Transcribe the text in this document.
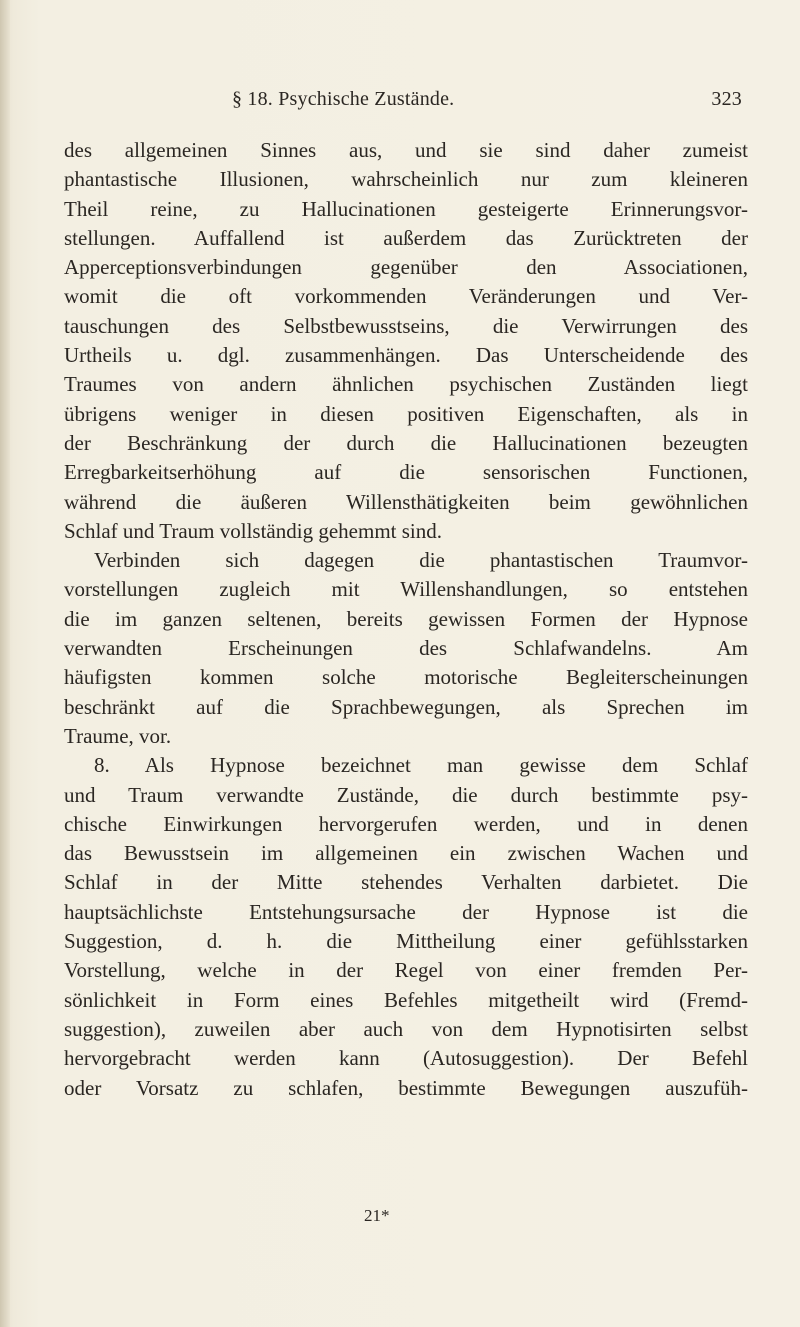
§ 18. Psychische Zustände.	323
des allgemeinen Sinnes aus, und sie sind daher zumeist
phantastische Illusionen, wahrscheinlich nur zum kleineren
Theil reine, zu Hallucinationen gesteigerte Erinnerungsvor-
stellungen. Auffallend ist außerdem das Zurücktreten der
Apperceptionsverbindungen gegenüber den Associationen,
womit die oft vorkommenden Veränderungen und Ver-
tauschungen des Selbstbewusstseins, die Verwirrungen des
Urtheils u. dgl. zusammenhängen. Das Unterscheidende des
Traumes von andern ähnlichen psychischen Zuständen liegt
übrigens weniger in diesen positiven Eigenschaften, als in
der Beschränkung der durch die Hallucinationen bezeugten
Erregbarkeitserhöhung auf die sensorischen Functionen,
während die äußeren Willensthätigkeiten beim gewöhnlichen
Schlaf und Traum vollständig gehemmt sind.
Verbinden sich dagegen die phantastischen Traumvor-
vorstellungen zugleich mit Willenshandlungen, so entstehen
die im ganzen seltenen, bereits gewissen Formen der Hypnose
verwandten Erscheinungen des Schlafwandelns. Am
häufigsten kommen solche motorische Begleiterscheinungen
beschränkt auf die Sprachbewegungen, als Sprechen im
Traume, vor.
8. Als Hypnose bezeichnet man gewisse dem Schlaf
und Traum verwandte Zustände, die durch bestimmte psy-
chische Einwirkungen hervorgerufen werden, und in denen
das Bewusstsein im allgemeinen ein zwischen Wachen und
Schlaf in der Mitte stehendes Verhalten darbietet. Die
hauptsächlichste Entstehungsursache der Hypnose ist die
Suggestion, d. h. die Mittheilung einer gefühlsstarken
Vorstellung, welche in der Regel von einer fremden Per-
sönlichkeit in Form eines Befehles mitgetheilt wird (Fremd-
suggestion), zuweilen aber auch von dem Hypnotisirten selbst
hervorgebracht werden kann (Autosuggestion). Der Befehl
oder Vorsatz zu schlafen, bestimmte Bewegungen auszufüh-
21*
